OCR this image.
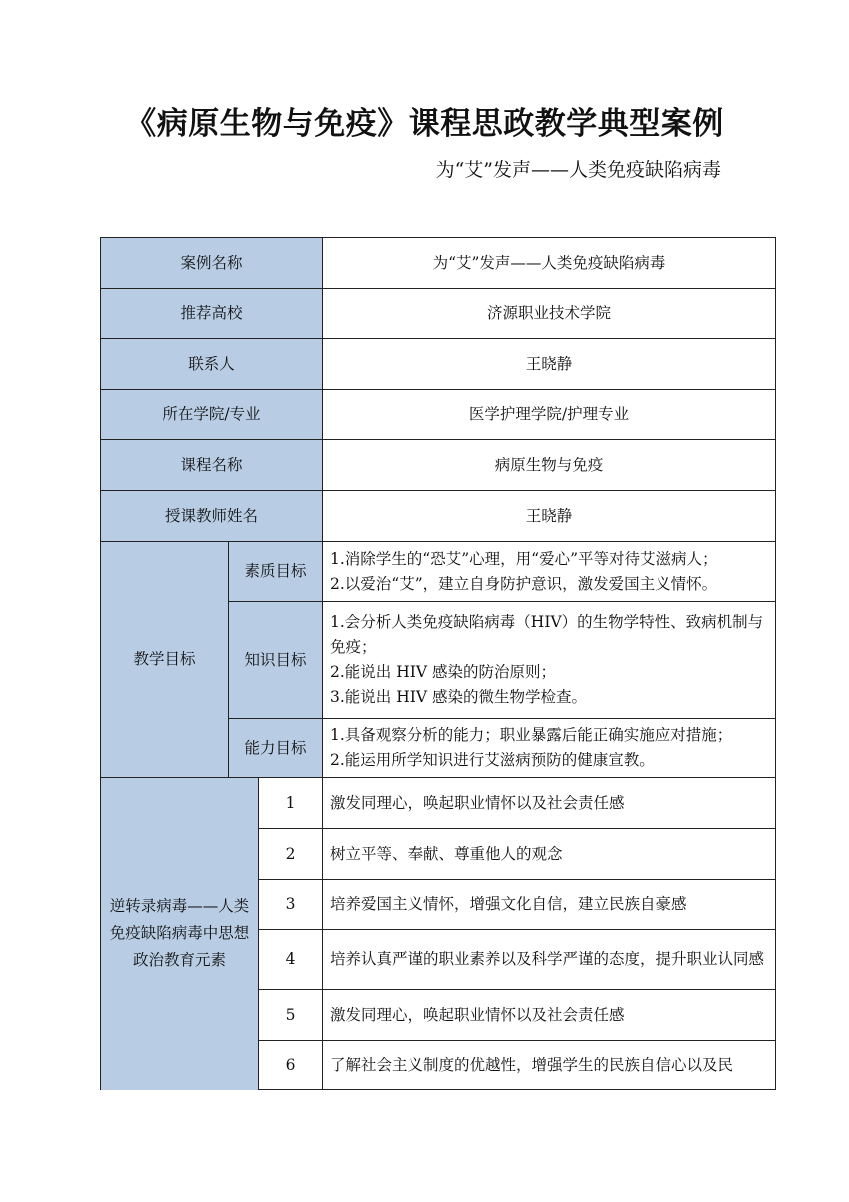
《病原生物与免疫》课程思政教学典型案例
为“艾”发声——人类免疫缺陷病毒
案例名称			为“艾”发声——人类免疫缺陷病毒
推荐高校			济源职业技术学院
联系人			王晓静
所在学院/专业			医学护理学院/护理专业
课程名称			病原生物与免疫
授课教师姓名			王晓静
教学目标	素质目标		1.消除学生的“恐艾”心理，用“爱心”平等对待艾滋病人；
2.以爱治“艾”，建立自身防护意识，激发爱国主义情怀。

	知识目标		1.会分析人类免疫缺陷病毒（HIV）的生物学特性、致病机制与免疫；
2.能说出 HIV 感染的防治原则；
3.能说出 HIV 感染的微生物学检查。

	能力目标		1.具备观察分析的能力；职业暴露后能正确实施应对措施；
2.能运用所学知识进行艾滋病预防的健康宣教。

逆转录病毒——人类免疫缺陷病毒中思想政治教育元素		1	激发同理心，唤起职业情怀以及社会责任感
		2	树立平等、奉献、尊重他人的观念
		3	培养爱国主义情怀，增强文化自信，建立民族自豪感
		4	培养认真严谨的职业素养以及科学严谨的态度，提升职业认同感
		5	激发同理心，唤起职业情怀以及社会责任感
		6	了解社会主义制度的优越性，增强学生的民族自信心以及民
